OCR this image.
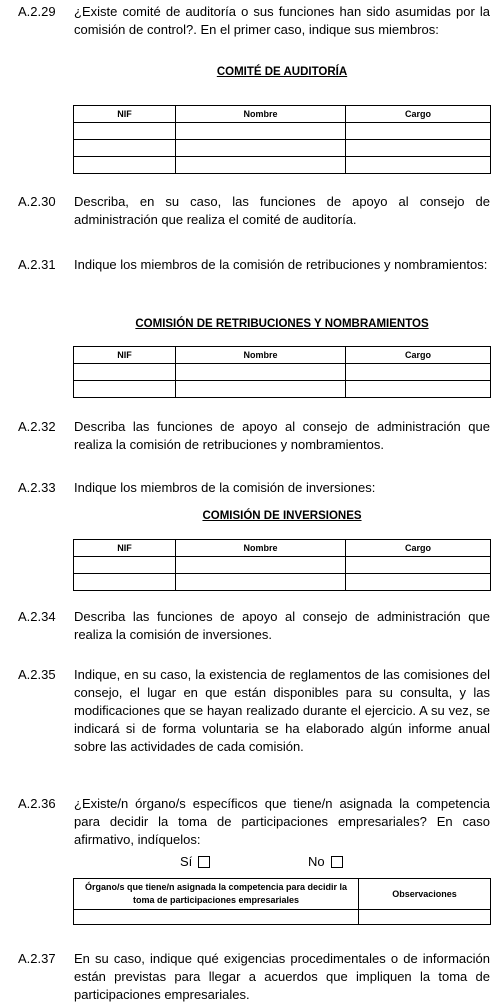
A.2.29 ¿Existe comité de auditoría o sus funciones han sido asumidas por la comisión de control?. En el primer caso, indique sus miembros:
COMITÉ DE AUDITORÍA
NIF	Nombre	Cargo

A.2.30 Describa, en su caso, las funciones de apoyo al consejo de administración que realiza el comité de auditoría.
A.2.31 Indique los miembros de la comisión de retribuciones y nombramientos:
COMISIÓN DE RETRIBUCIONES Y NOMBRAMIENTOS
NIF	Nombre	Cargo

A.2.32 Describa las funciones de apoyo al consejo de administración que realiza la comisión de retribuciones y nombramientos.
A.2.33 Indique los miembros de la comisión de inversiones:
COMISIÓN DE INVERSIONES
NIF	Nombre	Cargo

A.2.34 Describa las funciones de apoyo al consejo de administración que realiza la comisión de inversiones.
A.2.35 Indique, en su caso, la existencia de reglamentos de las comisiones del consejo, el lugar en que están disponibles para su consulta, y las modificaciones que se hayan realizado durante el ejercicio. A su vez, se indicará si de forma voluntaria se ha elaborado algún informe anual sobre las actividades de cada comisión.
A.2.36 ¿Existe/n órgano/s específicos que tiene/n asignada la competencia para decidir la toma de participaciones empresariales? En caso afirmativo, indíquelos:
Sí	No
Órgano/s que tiene/n asignada la competencia para decidir la toma de participaciones empresariales	Observaciones

A.2.37 En su caso, indique qué exigencias procedimentales o de información están previstas para llegar a acuerdos que impliquen la toma de participaciones empresariales.
